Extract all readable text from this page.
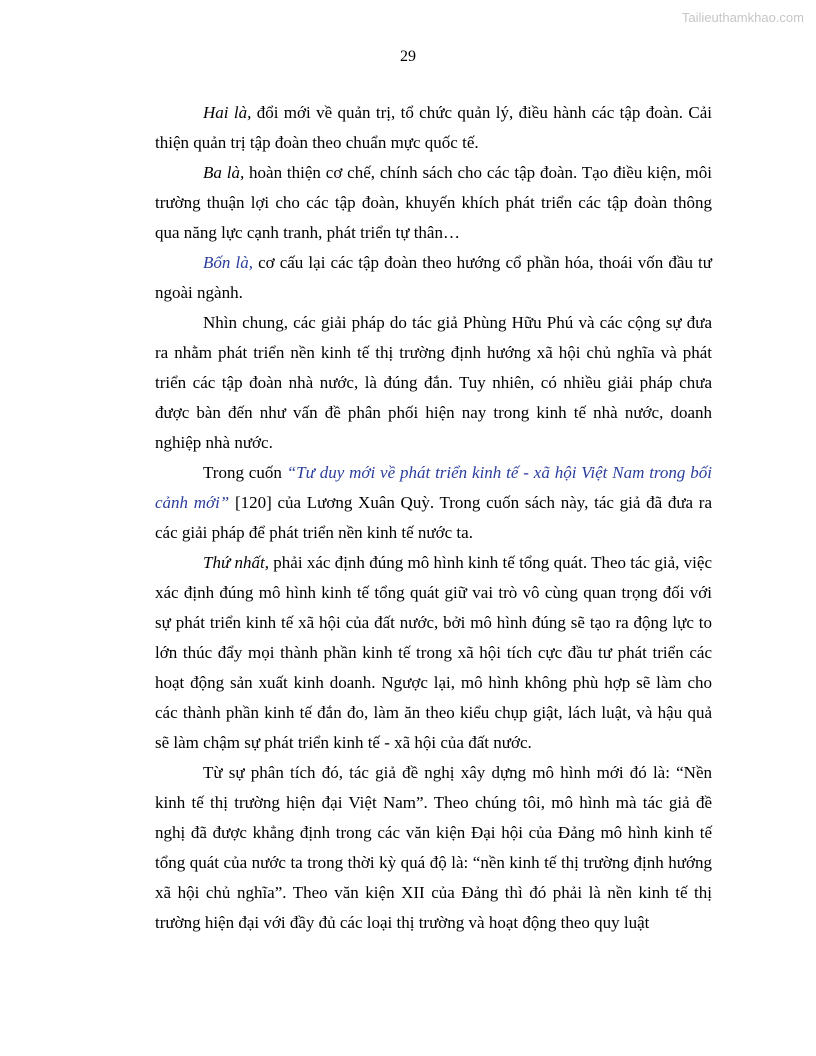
Tailieuthamkhao.com
29

Hai là, đổi mới về quản trị, tổ chức quản lý, điều hành các tập đoàn. Cải thiện quản trị tập đoàn theo chuẩn mực quốc tế.

Ba là, hoàn thiện cơ chế, chính sách cho các tập đoàn. Tạo điều kiện, môi trường thuận lợi cho các tập đoàn, khuyến khích phát triển các tập đoàn thông qua năng lực cạnh tranh, phát triển tự thân…

Bốn là, cơ cấu lại các tập đoàn theo hướng cổ phần hóa, thoái vốn đầu tư ngoài ngành.

Nhìn chung, các giải pháp do tác giả Phùng Hữu Phú và các cộng sự đưa ra nhằm phát triển nền kinh tế thị trường định hướng xã hội chủ nghĩa và phát triển các tập đoàn nhà nước, là đúng đắn. Tuy nhiên, có nhiều giải pháp chưa được bàn đến như vấn đề phân phối hiện nay trong kinh tế nhà nước, doanh nghiệp nhà nước.

Trong cuốn “Tư duy mới về phát triển kinh tế - xã hội Việt Nam trong bối cảnh mới” [120] của Lương Xuân Quỳ. Trong cuốn sách này, tác giả đã đưa ra các giải pháp để phát triển nền kinh tế nước ta.

Thứ nhất, phải xác định đúng mô hình kinh tế tổng quát. Theo tác giả, việc xác định đúng mô hình kinh tế tổng quát giữ vai trò vô cùng quan trọng đối với sự phát triển kinh tế xã hội của đất nước, bởi mô hình đúng sẽ tạo ra động lực to lớn thúc đẩy mọi thành phần kinh tế trong xã hội tích cực đầu tư phát triển các hoạt động sản xuất kinh doanh. Ngược lại, mô hình không phù hợp sẽ làm cho các thành phần kinh tế đắn đo, làm ăn theo kiểu chụp giật, lách luật, và hậu quả sẽ làm chậm sự phát triển kinh tế - xã hội của đất nước.

Từ sự phân tích đó, tác giả đề nghị xây dựng mô hình mới đó là: “Nền kinh tế thị trường hiện đại Việt Nam”. Theo chúng tôi, mô hình mà tác giả đề nghị đã được khẳng định trong các văn kiện Đại hội của Đảng mô hình kinh tế tổng quát của nước ta trong thời kỳ quá độ là: “nền kinh tế thị trường định hướng xã hội chủ nghĩa”. Theo văn kiện XII của Đảng thì đó phải là nền kinh tế thị trường hiện đại với đầy đủ các loại thị trường và hoạt động theo quy luật
